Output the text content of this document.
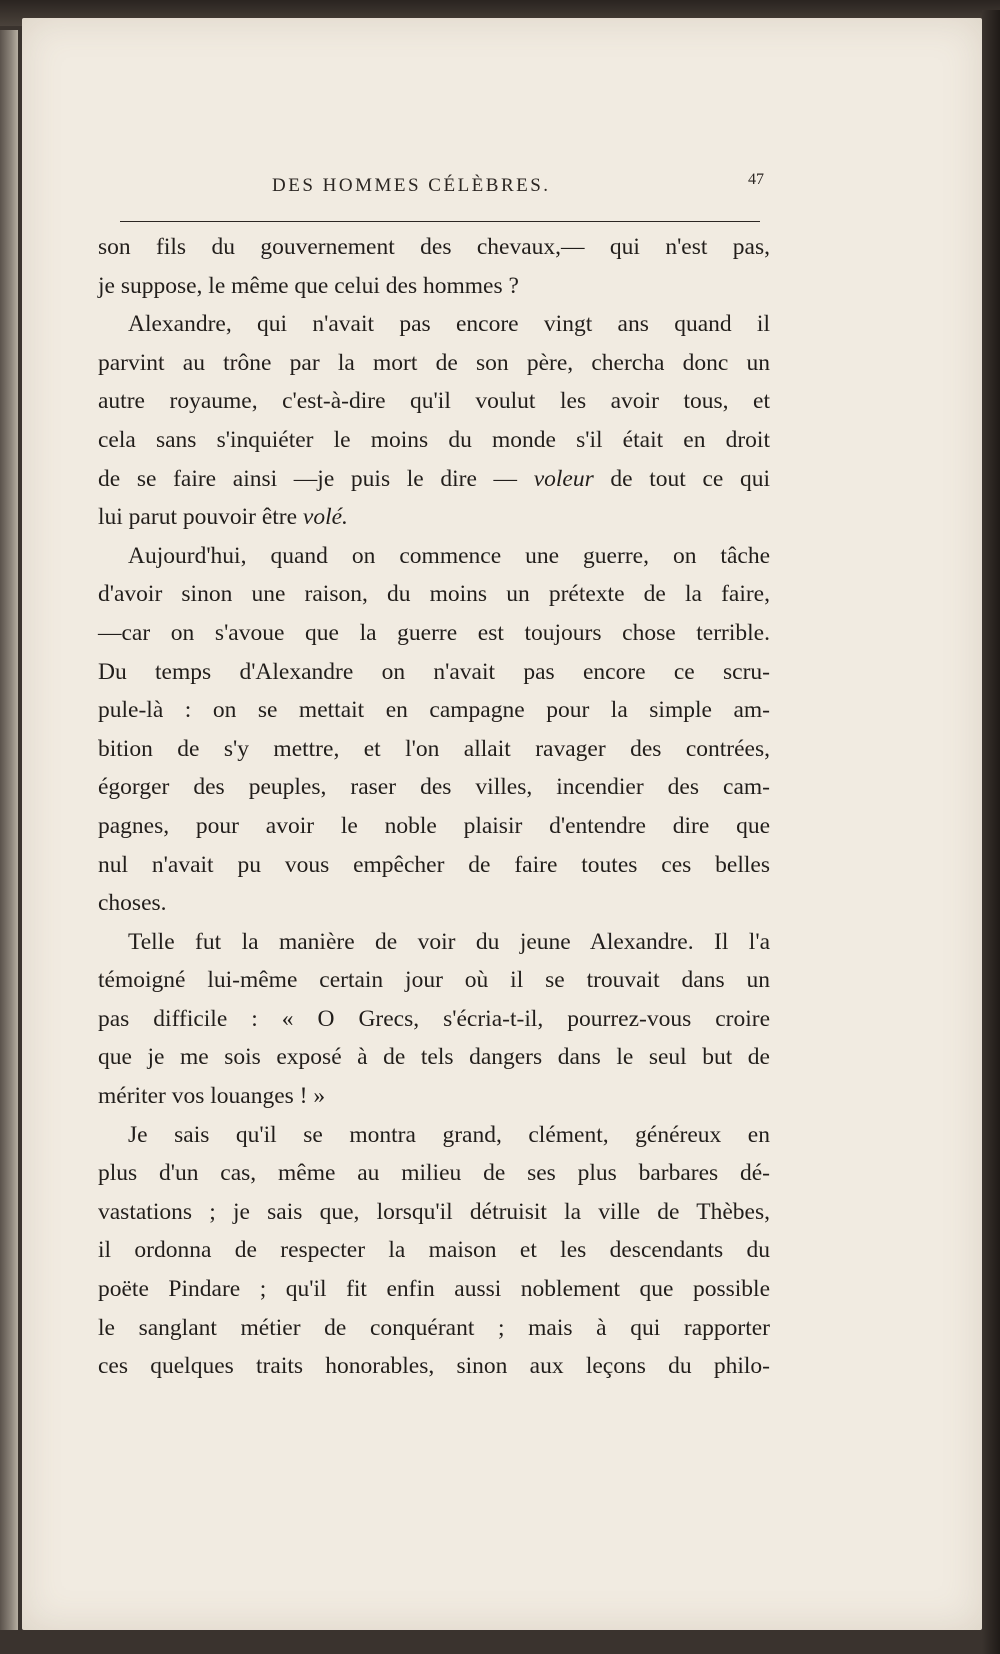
DES HOMMES CÉLÈBRES.	47
son fils du gouvernement des chevaux,— qui n'est pas,
je suppose, le même que celui des hommes ?
Alexandre, qui n'avait pas encore vingt ans quand il
parvint au trône par la mort de son père, chercha donc un
autre royaume, c'est-à-dire qu'il voulut les avoir tous, et
cela sans s'inquiéter le moins du monde s'il était en droit
de se faire ainsi —je puis le dire — voleur de tout ce qui
lui parut pouvoir être volé.
Aujourd'hui, quand on commence une guerre, on tâche
d'avoir sinon une raison, du moins un prétexte de la faire,
—car on s'avoue que la guerre est toujours chose terrible.
Du temps d'Alexandre on n'avait pas encore ce scru-
pule-là : on se mettait en campagne pour la simple am-
bition de s'y mettre, et l'on allait ravager des contrées,
égorger des peuples, raser des villes, incendier des cam-
pagnes, pour avoir le noble plaisir d'entendre dire que
nul n'avait pu vous empêcher de faire toutes ces belles
choses.
Telle fut la manière de voir du jeune Alexandre. Il l'a
témoigné lui-même certain jour où il se trouvait dans un
pas difficile : « O Grecs, s'écria-t-il, pourrez-vous croire
que je me sois exposé à de tels dangers dans le seul but de
mériter vos louanges ! »
Je sais qu'il se montra grand, clément, généreux en
plus d'un cas, même au milieu de ses plus barbares dé-
vastations ; je sais que, lorsqu'il détruisit la ville de Thèbes,
il ordonna de respecter la maison et les descendants du
poëte Pindare ; qu'il fit enfin aussi noblement que possible
le sanglant métier de conquérant ; mais à qui rapporter
ces quelques traits honorables, sinon aux leçons du philo-
